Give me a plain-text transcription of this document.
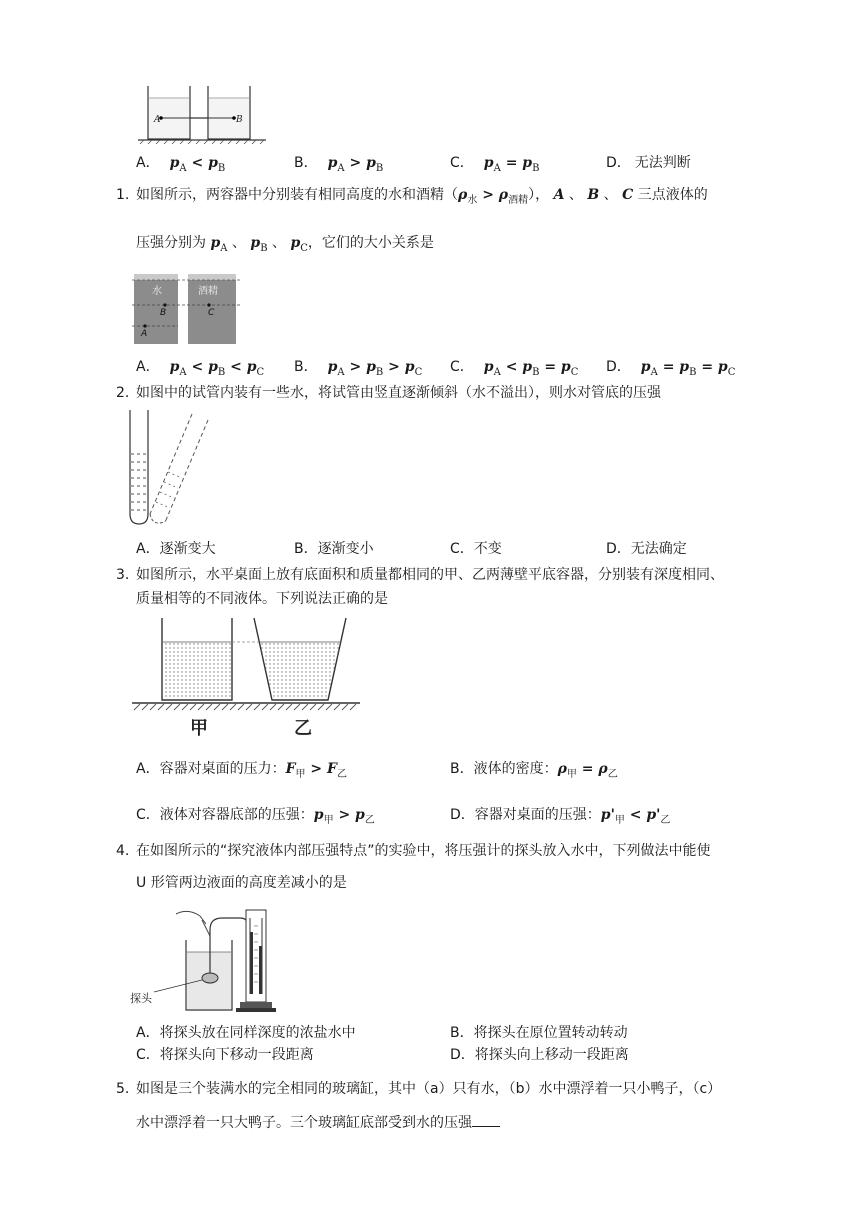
A	B
A． $p_A < p_B$	B． $p_A > p_B$	C． $p_A = p_B$	D． 无法判断
1. 如图所示，两容器中分别装有相同高度的水和酒精$(\rho_水 > \rho_{酒精})$， A 、 B 、 C 三点液体的
压强分别为 $p_A$ 、 $p_B$ 、 $p_C$，它们的大小关系是
水	酒精
B	C
A
A． $p_A < p_B < p_C$ B． $p_A > p_B > p_C$ C． $p_A < p_B = p_C$ D． $p_A = p_B = p_C$
2. 如图中的试管内装有一些水，将试管由竖直逐渐倾斜（水不溢出），则水对管底的压强
A．逐渐变大	B．逐渐变小	C．不变	D．无法确定
3. 如图所示，水平桌面上放有底面积和质量都相同的甲、乙两薄壁平底容器，分别装有深度相同、
质量相等的不同液体。下列说法正确的是
甲	乙
A．容器对桌面的压力：$F_甲 > F_乙$	B．液体的密度：$\rho_甲 = \rho_乙$
C．液体对容器底部的压强：$p_甲 > p_乙$	D．容器对桌面的压强：$p'_甲 < p'_乙$
4. 在如图所示的“探究液体内部压强特点”的实验中，将压强计的探头放入水中，下列做法中能使
U 形管两边液面的高度差减小的是
探头
A．将探头放在同样深度的浓盐水中	B．将探头在原位置转动转动
C．将探头向下移动一段距离	D．将探头向上移动一段距离
5. 如图是三个装满水的完全相同的玻璃缸，其中（a）只有水，（b）水中漂浮着一只小鸭子，（c）
水中漂浮着一只大鸭子。三个玻璃缸底部受到水的压强
